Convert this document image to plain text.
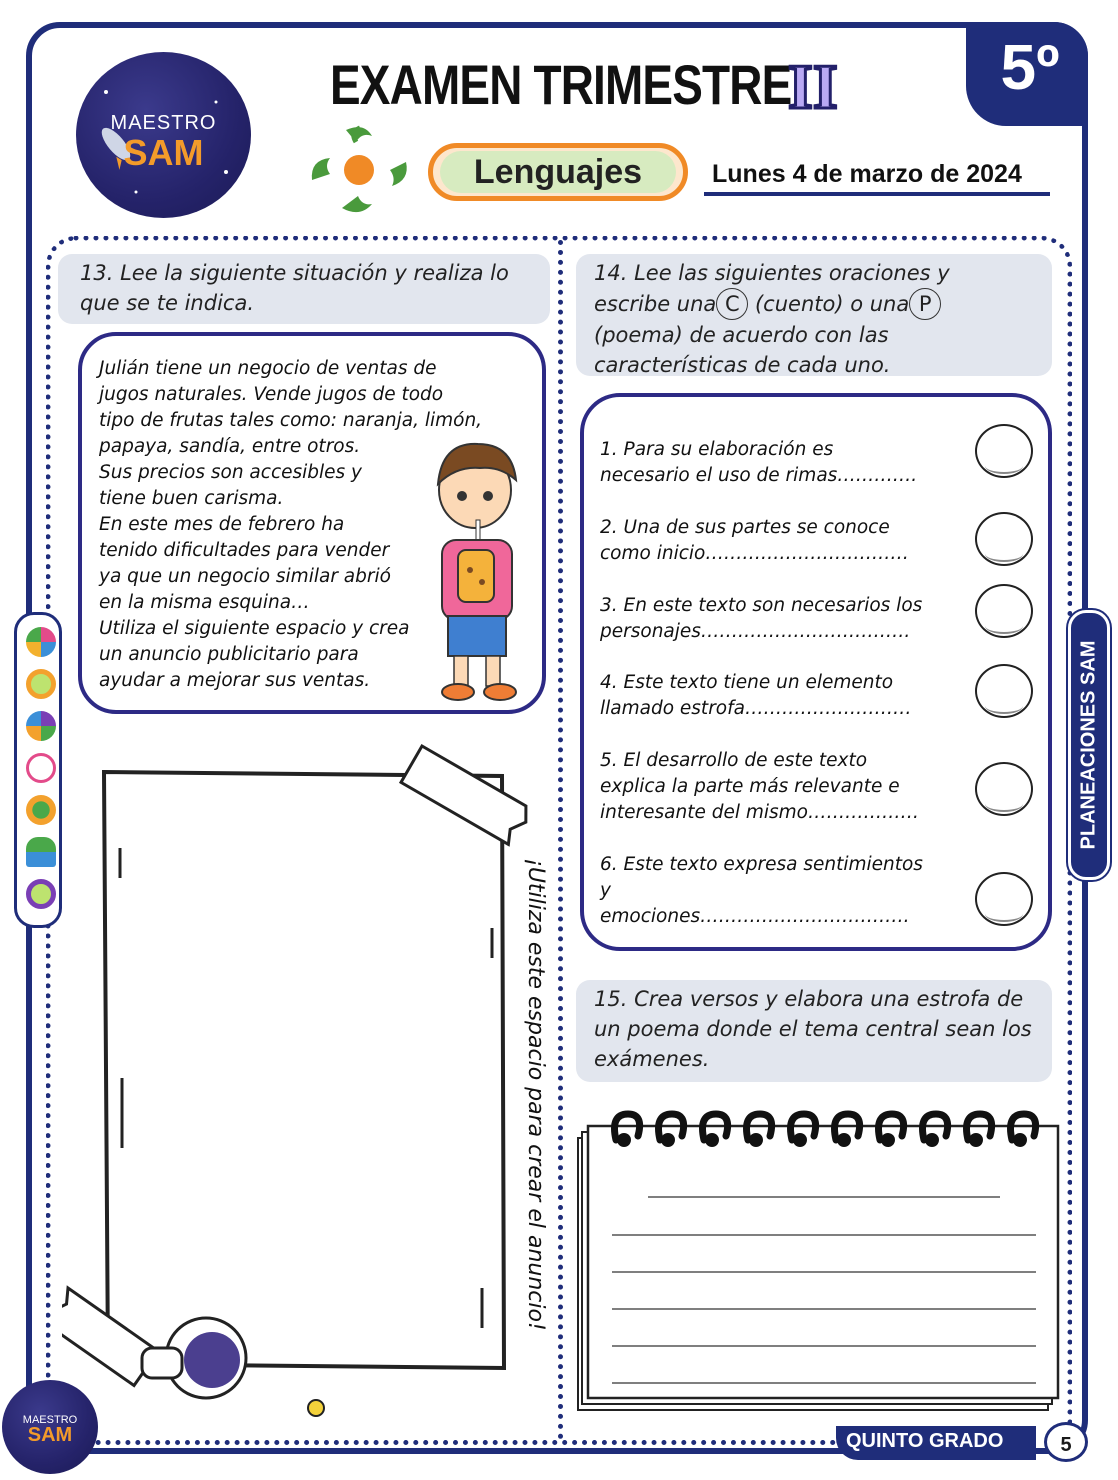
MAESTRO
SAM
EXAMEN TRIMESTRE
II	5º
Lenguajes	Lunes 4 de marzo de 2024
13. Lee la siguiente situación y realiza lo que se te indica.
Julián tiene un negocio de ventas de
jugos naturales. Vende jugos de todo
tipo de frutas tales como: naranja, limón,
papaya, sandía, entre otros.
Sus precios son accesibles y
tiene buen carisma.
En este mes de febrero ha
tenido dificultades para vender
ya que un negocio similar abrió
en la misma esquina…
Utiliza el siguiente espacio y crea
un anuncio publicitario para
ayudar a mejorar sus ventas.
¡Utiliza este espacio para crear el anuncio!
14. Lee las siguientes oraciones y
escribe una C (cuento) o una P
(poema) de acuerdo con las
características de cada uno.
1. Para su elaboración es
necesario el uso de rimas………….
2. Una de sus partes se conoce
como inicio……………………………
3. En este texto son necesarios los
personajes…………………………….
4. Este texto tiene un elemento
llamado estrofa………………………
5. El desarrollo de este texto
explica la parte más relevante e
interesante del mismo………………
6. Este texto expresa sentimientos
y
emociones…………………………….
15. Crea versos y elabora una estrofa de un poema donde el tema central sean los exámenes.
PLANEACIONES SAM
MAESTRO
SAM	QUINTO GRADO	5
